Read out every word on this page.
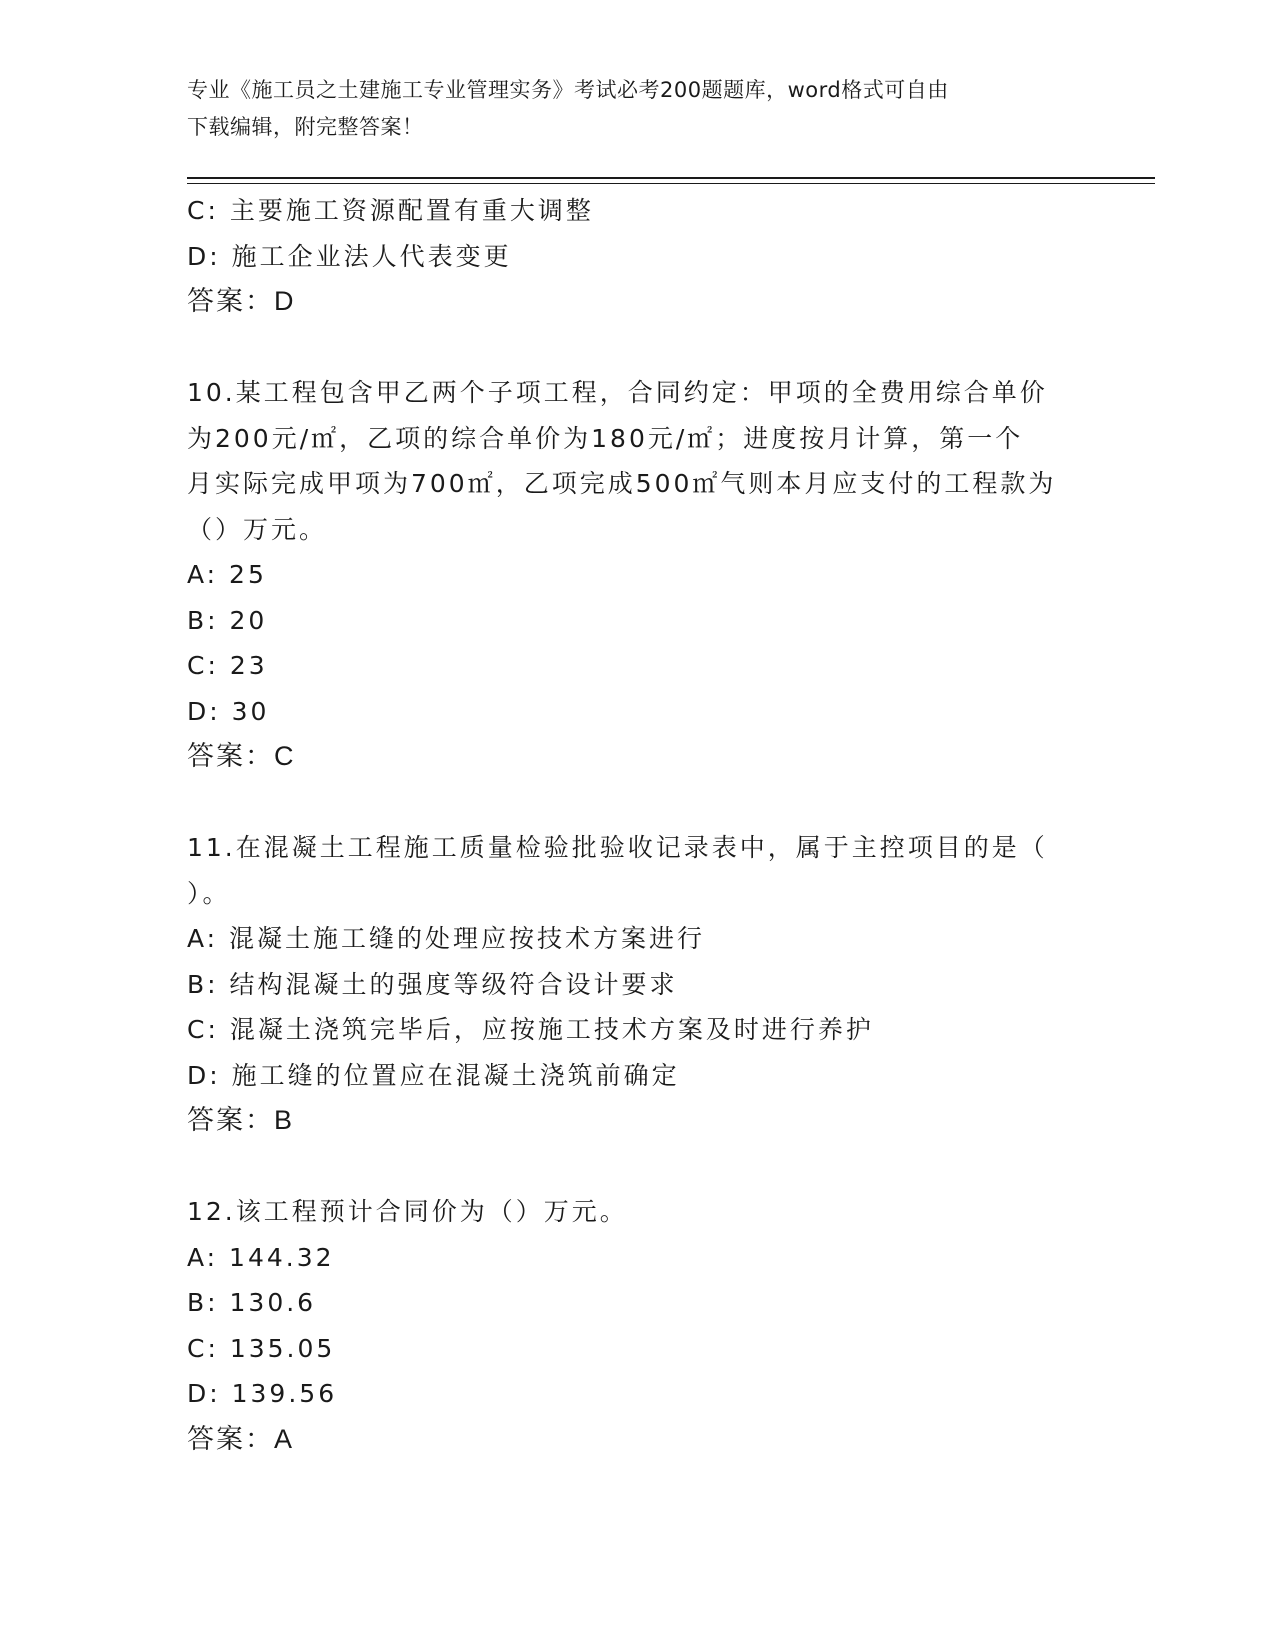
专业《施工员之土建施工专业管理实务》考试必考200题题库，word格式可自由
下载编辑，附完整答案！
C: 主要施工资源配置有重大调整
D: 施工企业法人代表变更
答案：D
10.某工程包含甲乙两个子项工程，合同约定：甲项的全费用综合单价
为200元/㎡，乙项的综合单价为180元/㎡；进度按月计算，第一个
月实际完成甲项为700㎡，乙项完成500㎡气则本月应支付的工程款为
（）万元。
A: 25
B: 20
C: 23
D: 30
答案：C
11.在混凝土工程施工质量检验批验收记录表中，属于主控项目的是（
）。
A: 混凝土施工缝的处理应按技术方案进行
B: 结构混凝土的强度等级符合设计要求
C: 混凝土浇筑完毕后，应按施工技术方案及时进行养护
D: 施工缝的位置应在混凝土浇筑前确定
答案：B
12.该工程预计合同价为（）万元。
A: 144.32
B: 130.6
C: 135.05
D: 139.56
答案：A
